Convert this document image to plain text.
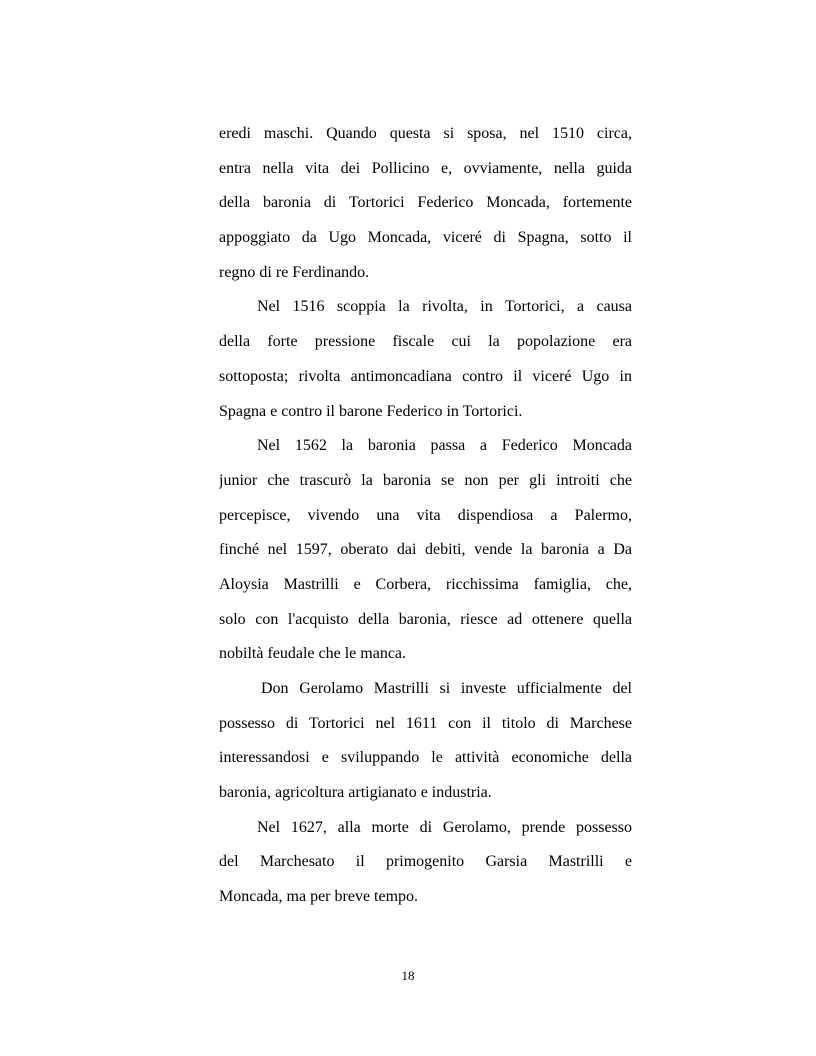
eredi maschi. Quando questa si sposa, nel 1510 circa,
entra nella vita dei Pollicino e, ovviamente, nella guida
della baronia di Tortorici Federico Moncada, fortemente
appoggiato da Ugo Moncada, viceré di Spagna, sotto il
regno di re Ferdinando.
Nel 1516 scoppia la rivolta, in Tortorici, a causa
della forte pressione fiscale cui la popolazione era
sottoposta; rivolta antimoncadiana contro il viceré Ugo in
Spagna e contro il barone Federico in Tortorici.
Nel 1562 la baronia passa a Federico Moncada
junior che trascurò la baronia se non per gli introiti che
percepisce, vivendo una vita dispendiosa a Palermo,
finché nel 1597, oberato dai debiti, vende la baronia a Da
Aloysia Mastrilli e Corbera, ricchissima famiglia, che,
solo con l'acquisto della baronia, riesce ad ottenere quella
nobiltà feudale che le manca.
Don Gerolamo Mastrilli si investe ufficialmente del
possesso di Tortorici nel 1611 con il titolo di Marchese
interessandosi e sviluppando le attività economiche della
baronia, agricoltura artigianato e industria.
Nel 1627, alla morte di Gerolamo, prende possesso
del Marchesato il primogenito Garsia Mastrilli e
Moncada, ma per breve tempo.
18
